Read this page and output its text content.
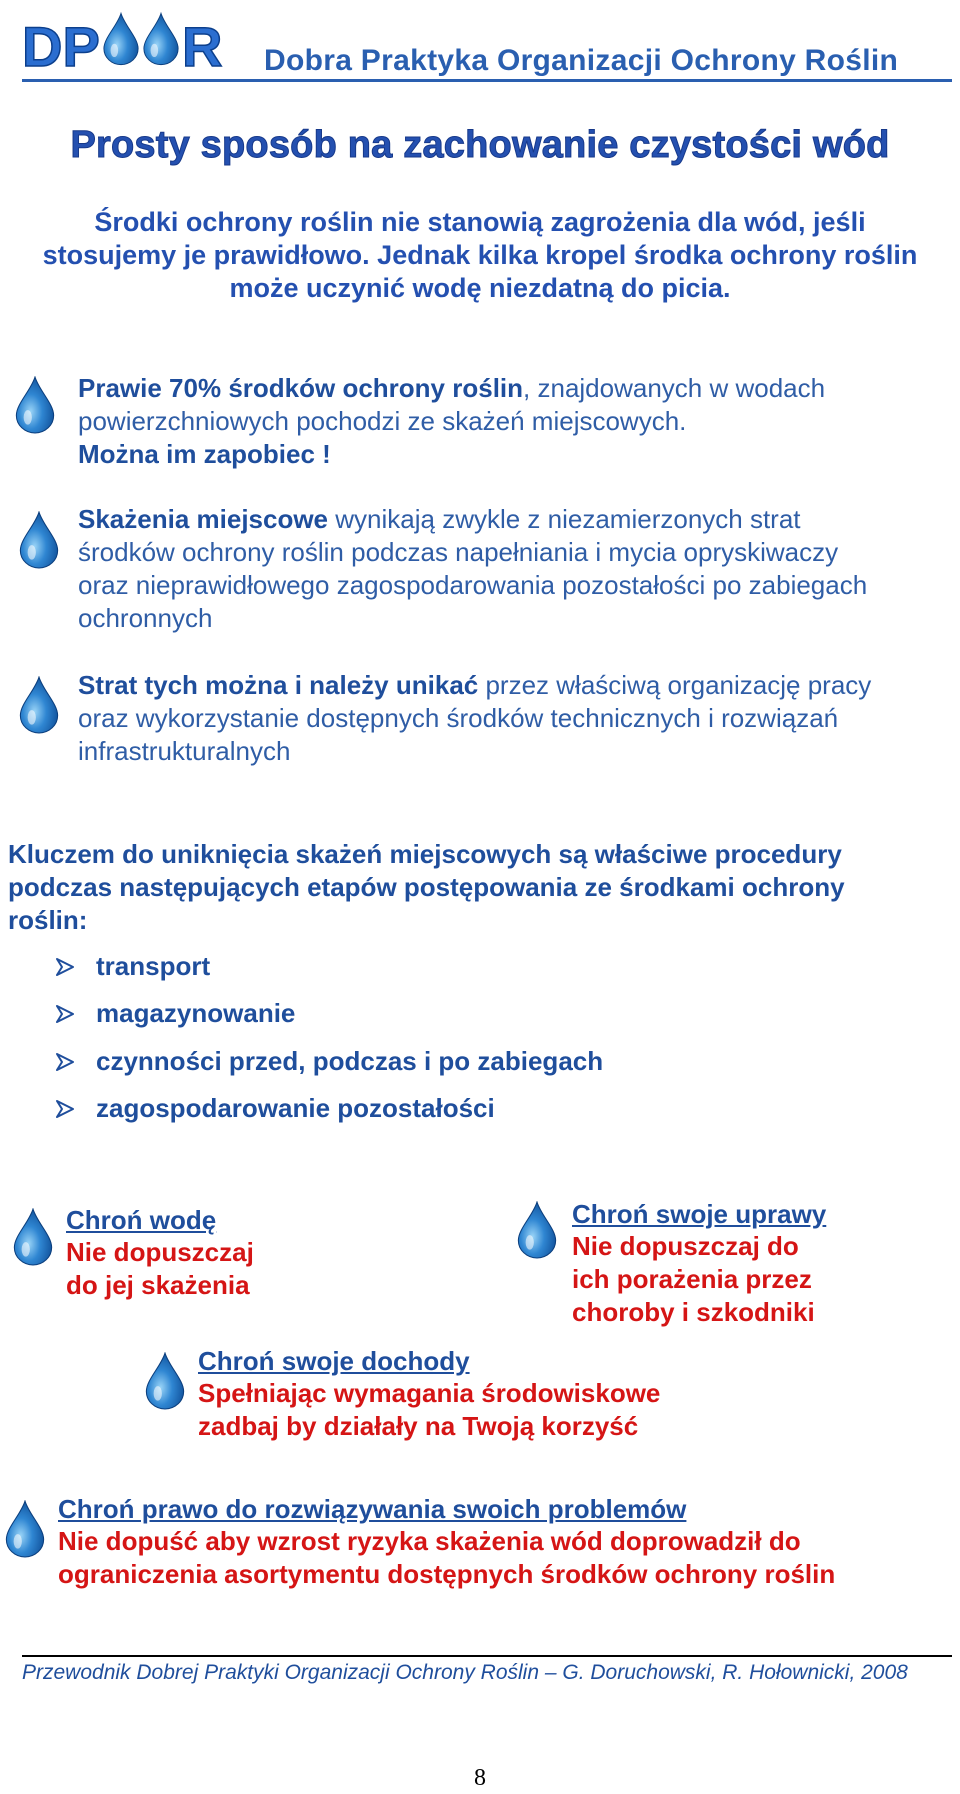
DP R Dobra Praktyka Organizacji Ochrony Roślin
Prosty sposób na zachowanie czystości wód
Środki ochrony roślin nie stanowią zagrożenia dla wód, jeśli
stosujemy je prawidłowo. Jednak kilka kropel środka ochrony roślin
może uczynić wodę niezdatną do picia.
Prawie 70% środków ochrony roślin, znajdowanych w wodach
powierzchniowych pochodzi ze skażeń miejscowych.
Można im zapobiec !
Skażenia miejscowe wynikają zwykle z niezamierzonych strat
środków ochrony roślin podczas napełniania i mycia opryskiwaczy
oraz nieprawidłowego zagospodarowania pozostałości po zabiegach
ochronnych
Strat tych można i należy unikać przez właściwą organizację pracy
oraz wykorzystanie dostępnych środków technicznych i rozwiązań
infrastrukturalnych
Kluczem do uniknięcia skażeń miejscowych są właściwe procedury
podczas następujących etapów postępowania ze środkami ochrony
roślin:
transport
magazynowanie
czynności przed, podczas i po zabiegach
zagospodarowanie pozostałości
Chroń wodę
Nie dopuszczaj
do jej skażenia
Chroń swoje uprawy
Nie dopuszczaj do
ich porażenia przez
choroby i szkodniki
Chroń swoje dochody
Spełniając wymagania środowiskowe
zadbaj by działały na Twoją korzyść
Chroń prawo do rozwiązywania swoich problemów
Nie dopuść aby wzrost ryzyka skażenia wód doprowadził do
ograniczenia asortymentu dostępnych środków ochrony roślin
Przewodnik Dobrej Praktyki Organizacji Ochrony Roślin – G. Doruchowski, R. Hołownicki, 2008
8
